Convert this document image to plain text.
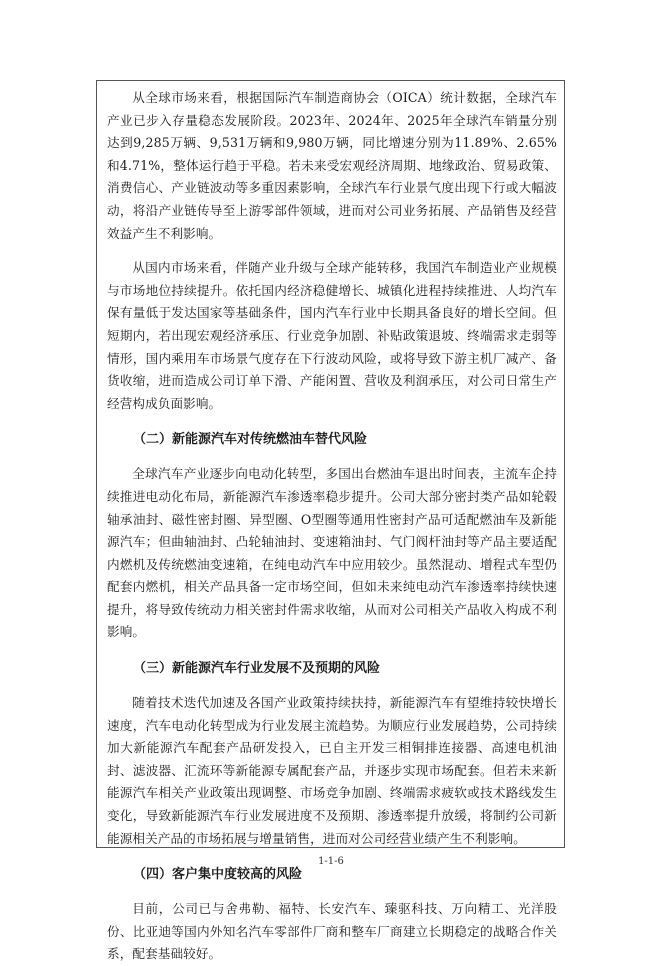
从全球市场来看，根据国际汽车制造商协会（OICA）统计数据，全球汽车产业已步入存量稳态发展阶段。2023年、2024年、2025年全球汽车销量分别达到9,285万辆、9,531万辆和9,980万辆，同比增速分别为11.89%、2.65%和4.71%，整体运行趋于平稳。若未来受宏观经济周期、地缘政治、贸易政策、消费信心、产业链波动等多重因素影响，全球汽车行业景气度出现下行或大幅波动，将沿产业链传导至上游零部件领域，进而对公司业务拓展、产品销售及经营效益产生不利影响。

从国内市场来看，伴随产业升级与全球产能转移，我国汽车制造业产业规模与市场地位持续提升。依托国内经济稳健增长、城镇化进程持续推进、人均汽车保有量低于发达国家等基础条件，国内汽车行业中长期具备良好的增长空间。但短期内，若出现宏观经济承压、行业竞争加剧、补贴政策退坡、终端需求走弱等情形，国内乘用车市场景气度存在下行波动风险，或将导致下游主机厂减产、备货收缩，进而造成公司订单下滑、产能闲置、营收及利润承压，对公司日常生产经营构成负面影响。

（二）新能源汽车对传统燃油车替代风险

全球汽车产业逐步向电动化转型，多国出台燃油车退出时间表，主流车企持续推进电动化布局，新能源汽车渗透率稳步提升。公司大部分密封类产品如轮毂轴承油封、磁性密封圈、异型圈、O型圈等通用性密封产品可适配燃油车及新能源汽车；但曲轴油封、凸轮轴油封、变速箱油封、气门阀杆油封等产品主要适配内燃机及传统燃油变速箱，在纯电动汽车中应用较少。虽然混动、增程式车型仍配套内燃机，相关产品具备一定市场空间，但如未来纯电动汽车渗透率持续快速提升，将导致传统动力相关密封件需求收缩，从而对公司相关产品收入构成不利影响。

（三）新能源汽车行业发展不及预期的风险

随着技术迭代加速及各国产业政策持续扶持，新能源汽车有望维持较快增长速度，汽车电动化转型成为行业发展主流趋势。为顺应行业发展趋势，公司持续加大新能源汽车配套产品研发投入，已自主开发三相铜排连接器、高速电机油封、滤波器、汇流环等新能源专属配套产品，并逐步实现市场配套。但若未来新能源汽车相关产业政策出现调整、市场竞争加剧、终端需求疲软或技术路线发生变化，导致新能源汽车行业发展进度不及预期、渗透率提升放缓，将制约公司新能源相关产品的市场拓展与增量销售，进而对公司经营业绩产生不利影响。

（四）客户集中度较高的风险

目前，公司已与舍弗勒、福特、长安汽车、臻驱科技、万向精工、光洋股份、比亚迪等国内外知名汽车零部件厂商和整车厂商建立长期稳定的战略合作关系，配套基础较好。

1-1-6
